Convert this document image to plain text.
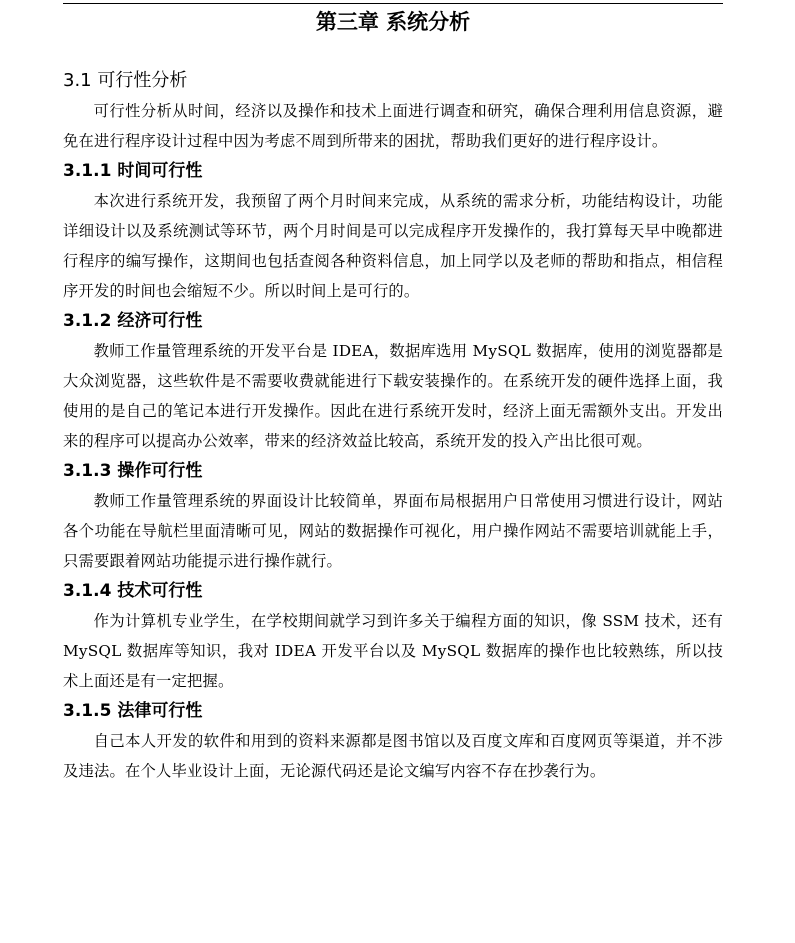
第三章 系统分析
3.1 可行性分析

可行性分析从时间，经济以及操作和技术上面进行调查和研究，确保合理利用信息资源，避免在进行程序设计过程中因为考虑不周到所带来的困扰，帮助我们更好的进行程序设计。

3.1.1 时间可行性

本次进行系统开发，我预留了两个月时间来完成，从系统的需求分析，功能结构设计，功能详细设计以及系统测试等环节，两个月时间是可以完成程序开发操作的，我打算每天早中晚都进行程序的编写操作，这期间也包括查阅各种资料信息，加上同学以及老师的帮助和指点，相信程序开发的时间也会缩短不少。所以时间上是可行的。

3.1.2 经济可行性

教师工作量管理系统的开发平台是 IDEA，数据库选用 MySQL 数据库，使用的浏览器都是大众浏览器，这些软件是不需要收费就能进行下载安装操作的。在系统开发的硬件选择上面，我使用的是自己的笔记本进行开发操作。因此在进行系统开发时，经济上面无需额外支出。开发出来的程序可以提高办公效率，带来的经济效益比较高，系统开发的投入产出比很可观。

3.1.3 操作可行性

教师工作量管理系统的界面设计比较简单，界面布局根据用户日常使用习惯进行设计，网站各个功能在导航栏里面清晰可见，网站的数据操作可视化，用户操作网站不需要培训就能上手，只需要跟着网站功能提示进行操作就行。

3.1.4 技术可行性

作为计算机专业学生，在学校期间就学习到许多关于编程方面的知识，像 SSM 技术，还有 MySQL 数据库等知识，我对 IDEA 开发平台以及 MySQL 数据库的操作也比较熟练，所以技术上面还是有一定把握。

3.1.5 法律可行性

自己本人开发的软件和用到的资料来源都是图书馆以及百度文库和百度网页等渠道，并不涉及违法。在个人毕业设计上面，无论源代码还是论文编写内容不存在抄袭行为。
